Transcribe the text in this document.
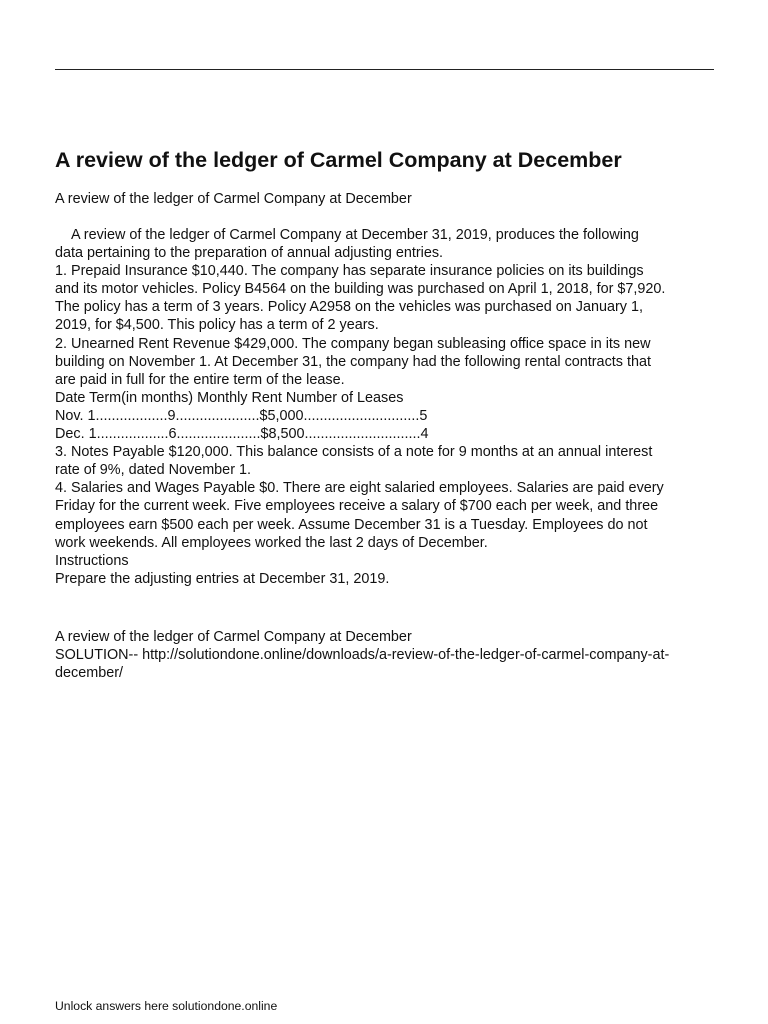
A review of the ledger of Carmel Company at December
A review of the ledger of Carmel Company at December
A review of the ledger of Carmel Company at December 31, 2019, produces the following
data pertaining to the preparation of annual adjusting entries.
1. Prepaid Insurance $10,440. The company has separate insurance policies on its buildings
and its motor vehicles. Policy B4564 on the building was purchased on April 1, 2018, for $7,920.
The policy has a term of 3 years. Policy A2958 on the vehicles was purchased on January 1,
2019, for $4,500. This policy has a term of 2 years.
2. Unearned Rent Revenue $429,000. The company began subleasing office space in its new
building on November 1. At December 31, the company had the following rental contracts that
are paid in full for the entire term of the lease.
Date Term(in months) Monthly Rent Number of Leases
Nov. 1..................9.....................$5,000.............................5
Dec. 1..................6.....................$8,500.............................4
3. Notes Payable $120,000. This balance consists of a note for 9 months at an annual interest
rate of 9%, dated November 1.
4. Salaries and Wages Payable $0. There are eight salaried employees. Salaries are paid every
Friday for the current week. Five employees receive a salary of $700 each per week, and three
employees earn $500 each per week. Assume December 31 is a Tuesday. Employees do not
work weekends. All employees worked the last 2 days of December.
Instructions
Prepare the adjusting entries at December 31, 2019.
A review of the ledger of Carmel Company at December
SOLUTION-- http://solutiondone.online/downloads/a-review-of-the-ledger-of-carmel-company-at-
december/
Unlock answers here solutiondone.online
